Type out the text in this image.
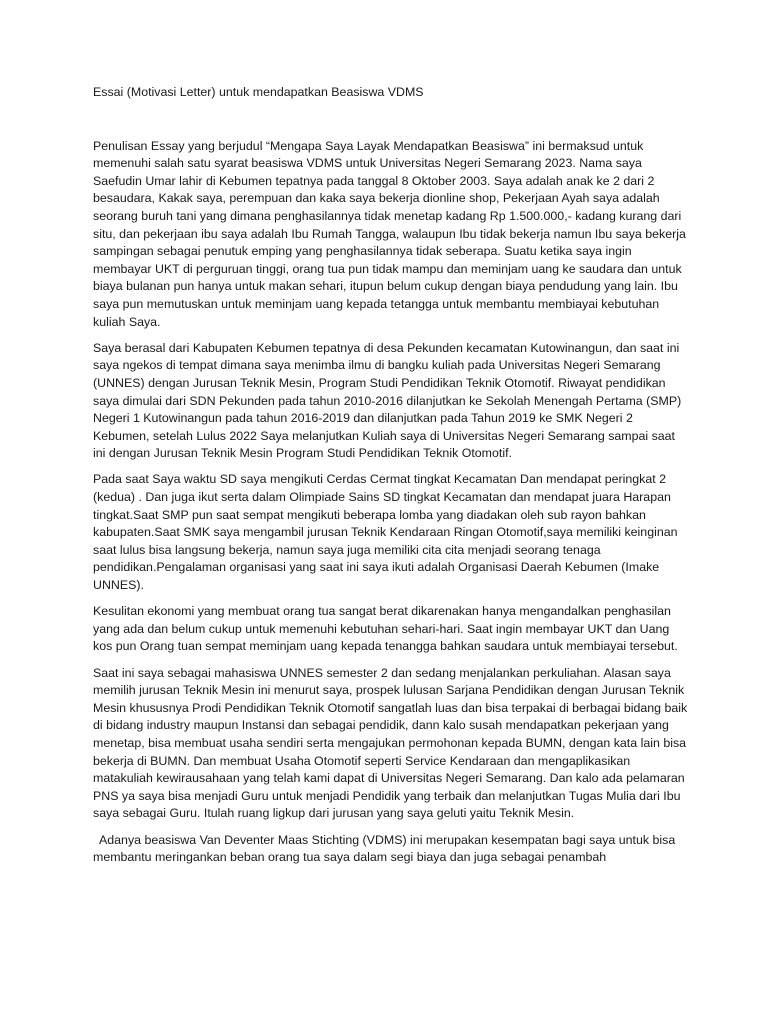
Essai (Motivasi Letter) untuk mendapatkan Beasiswa VDMS

Penulisan Essay yang berjudul “Mengapa Saya Layak Mendapatkan Beasiswa” ini bermaksud untuk memenuhi salah satu syarat beasiswa VDMS untuk Universitas Negeri Semarang 2023. Nama saya Saefudin Umar lahir di Kebumen tepatnya pada tanggal 8 Oktober 2003. Saya adalah anak ke 2 dari 2 besaudara, Kakak saya, perempuan dan kaka saya bekerja dionline shop, Pekerjaan Ayah saya adalah seorang buruh tani yang dimana penghasilannya tidak menetap kadang Rp 1.500.000,- kadang kurang dari situ, dan pekerjaan ibu saya adalah Ibu Rumah Tangga, walaupun Ibu tidak bekerja namun Ibu saya bekerja sampingan sebagai penutuk emping yang penghasilannya tidak seberapa. Suatu ketika saya ingin membayar UKT di perguruan tinggi, orang tua pun tidak mampu dan meminjam uang ke saudara dan untuk biaya bulanan pun hanya untuk makan sehari, itupun belum cukup dengan biaya pendudung yang lain. Ibu saya pun memutuskan untuk meminjam uang kepada tetangga untuk membantu membiayai kebutuhan kuliah Saya.

Saya berasal dari Kabupaten Kebumen tepatnya di desa Pekunden kecamatan Kutowinangun, dan saat ini saya ngekos di tempat dimana saya menimba ilmu di bangku kuliah pada Universitas Negeri Semarang (UNNES) dengan Jurusan Teknik Mesin, Program Studi Pendidikan Teknik Otomotif. Riwayat pendidikan saya dimulai dari SDN Pekunden pada tahun 2010-2016 dilanjutkan ke Sekolah Menengah Pertama (SMP) Negeri 1 Kutowinangun pada tahun 2016-2019 dan dilanjutkan pada Tahun 2019 ke SMK Negeri 2 Kebumen, setelah Lulus 2022 Saya melanjutkan Kuliah saya di Universitas Negeri Semarang sampai saat ini dengan Jurusan Teknik Mesin Program Studi Pendidikan Teknik Otomotif.

Pada saat Saya waktu SD saya mengikuti Cerdas Cermat tingkat Kecamatan Dan mendapat peringkat 2 (kedua) . Dan juga ikut serta dalam Olimpiade Sains SD tingkat Kecamatan dan mendapat juara Harapan tingkat.Saat SMP pun saat sempat mengikuti beberapa lomba yang diadakan oleh sub rayon bahkan kabupaten.Saat SMK saya mengambil jurusan Teknik Kendaraan Ringan Otomotif,saya memiliki keinginan saat lulus bisa langsung bekerja, namun saya juga memiliki cita cita menjadi seorang tenaga pendidikan.Pengalaman organisasi yang saat ini saya ikuti adalah Organisasi Daerah Kebumen (Imake UNNES).

Kesulitan ekonomi yang membuat orang tua sangat berat dikarenakan hanya mengandalkan penghasilan yang ada dan belum cukup untuk memenuhi kebutuhan sehari-hari. Saat ingin membayar UKT dan Uang kos pun Orang tuan sempat meminjam uang kepada tenangga bahkan saudara untuk membiayai tersebut.

Saat ini saya sebagai mahasiswa UNNES semester 2 dan sedang menjalankan perkuliahan. Alasan saya memilih jurusan Teknik Mesin ini menurut saya, prospek lulusan Sarjana Pendidikan dengan Jurusan Teknik Mesin khususnya Prodi Pendidikan Teknik Otomotif sangatlah luas dan bisa terpakai di berbagai bidang baik di bidang industry maupun Instansi dan sebagai pendidik, dann kalo susah mendapatkan pekerjaan yang menetap, bisa membuat usaha sendiri serta mengajukan permohonan kepada BUMN, dengan kata lain bisa bekerja di BUMN. Dan membuat Usaha Otomotif seperti Service Kendaraan dan mengaplikasikan matakuliah kewirausahaan yang telah kami dapat di Universitas Negeri Semarang. Dan kalo ada pelamaran PNS ya saya bisa menjadi Guru untuk menjadi Pendidik yang terbaik dan melanjutkan Tugas Mulia dari Ibu saya sebagai Guru. Itulah ruang ligkup dari jurusan yang saya geluti yaitu Teknik Mesin.

Adanya beasiswa Van Deventer Maas Stichting (VDMS) ini merupakan kesempatan bagi saya untuk bisa membantu meringankan beban orang tua saya dalam segi biaya dan juga sebagai penambah
